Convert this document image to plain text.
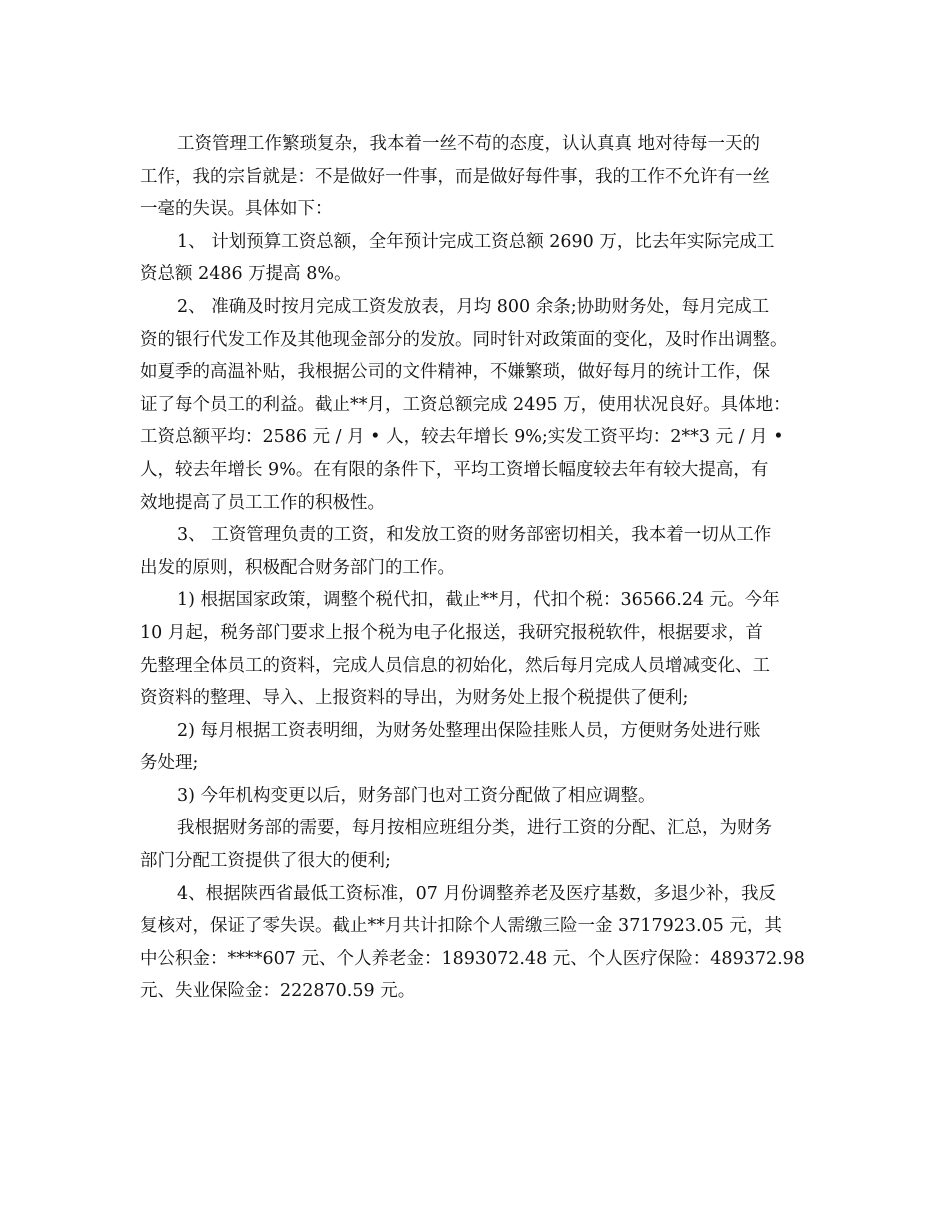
工资管理工作繁琐复杂，我本着一丝不苟的态度，认认真真 地对待每一天的
工作，我的宗旨就是：不是做好一件事，而是做好每件事，我的工作不允许有一丝
一毫的失误。具体如下：
1、 计划预算工资总额，全年预计完成工资总额 2690 万，比去年实际完成工
资总额 2486 万提高 8%。
2、 准确及时按月完成工资发放表，月均 800 余条;协助财务处，每月完成工
资的银行代发工作及其他现金部分的发放。同时针对政策面的变化，及时作出调整。
如夏季的高温补贴，我根据公司的文件精神，不嫌繁琐，做好每月的统计工作，保
证了每个员工的利益。截止**月，工资总额完成 2495 万，使用状况良好。具体地：
工资总额平均：2586 元 / 月 • 人，较去年增长 9%;实发工资平均：2**3 元 / 月 •
人，较去年增长 9%。在有限的条件下，平均工资增长幅度较去年有较大提高，有
效地提高了员工工作的积极性。
3、 工资管理负责的工资，和发放工资的财务部密切相关，我本着一切从工作
出发的原则，积极配合财务部门的工作。
1) 根据国家政策，调整个税代扣，截止**月，代扣个税：36566.24 元。今年
10 月起，税务部门要求上报个税为电子化报送，我研究报税软件，根据要求，首
先整理全体员工的资料，完成人员信息的初始化，然后每月完成人员增减变化、工
资资料的整理、导入、上报资料的导出，为财务处上报个税提供了便利;
2) 每月根据工资表明细，为财务处整理出保险挂账人员，方便财务处进行账
务处理;
3) 今年机构变更以后，财务部门也对工资分配做了相应调整。
我根据财务部的需要，每月按相应班组分类，进行工资的分配、汇总，为财务
部门分配工资提供了很大的便利;
4、根据陕西省最低工资标准，07 月份调整养老及医疗基数，多退少补，我反
复核对，保证了零失误。截止**月共计扣除个人需缴三险一金 3717923.05 元，其
中公积金：****607 元、个人养老金：1893072.48 元、个人医疗保险：489372.98
元、失业保险金：222870.59 元。
